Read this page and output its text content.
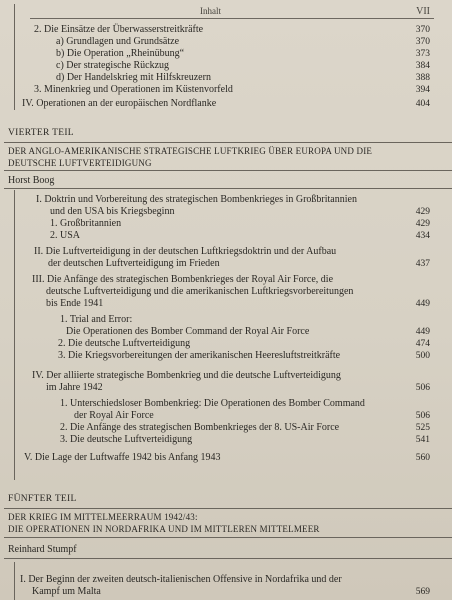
Inhalt	VII
2. Die Einsätze der Überwasserstreitkräfte	370
a) Grundlagen und Grundsätze	370
b) Die Operation „Rheinübung“	373
c) Der strategische Rückzug	384
d) Der Handelskrieg mit Hilfskreuzern	388
3. Minenkrieg und Operationen im Küstenvorfeld	394
IV. Operationen an der europäischen Nordflanke	404
I. Doktrin und Vorbereitung des strategischen Bombenkrieges in Großbritannien
und den USA bis Kriegsbeginn	429
1. Großbritannien	429
2. USA	434
II. Die Luftverteidigung in der deutschen Luftkriegsdoktrin und der Aufbau
der deutschen Luftverteidigung im Frieden	437
III. Die Anfänge des strategischen Bombenkrieges der Royal Air Force, die
deutsche Luftverteidigung und die amerikanischen Luftkriegsvorbereitungen
bis Ende 1941	449
1. Trial and Error:
Die Operationen des Bomber Command der Royal Air Force	449
2. Die deutsche Luftverteidigung	474
3. Die Kriegsvorbereitungen der amerikanischen Heeresluftstreitkräfte	500
IV. Der alliierte strategische Bombenkrieg und die deutsche Luftverteidigung
im Jahre 1942	506
1. Unterschiedsloser Bombenkrieg: Die Operationen des Bomber Command
der Royal Air Force	506
2. Die Anfänge des strategischen Bombenkrieges der 8. US-Air Force	525
3. Die deutsche Luftverteidigung	541
V. Die Lage der Luftwaffe 1942 bis Anfang 1943	560
I. Der Beginn der zweiten deutsch-italienischen Offensive in Nordafrika und der
Kampf um Malta	569
VIERTER TEIL
DER ANGLO-AMERIKANISCHE STRATEGISCHE LUFTKRIEG ÜBER EUROPA UND DIE
DEUTSCHE LUFTVERTEIDIGUNG
Horst Boog
FÜNFTER TEIL
DER KRIEG IM MITTELMEERRAUM 1942/43:
DIE OPERATIONEN IN NORDAFRIKA UND IM MITTLEREN MITTELMEER
Reinhard Stumpf
